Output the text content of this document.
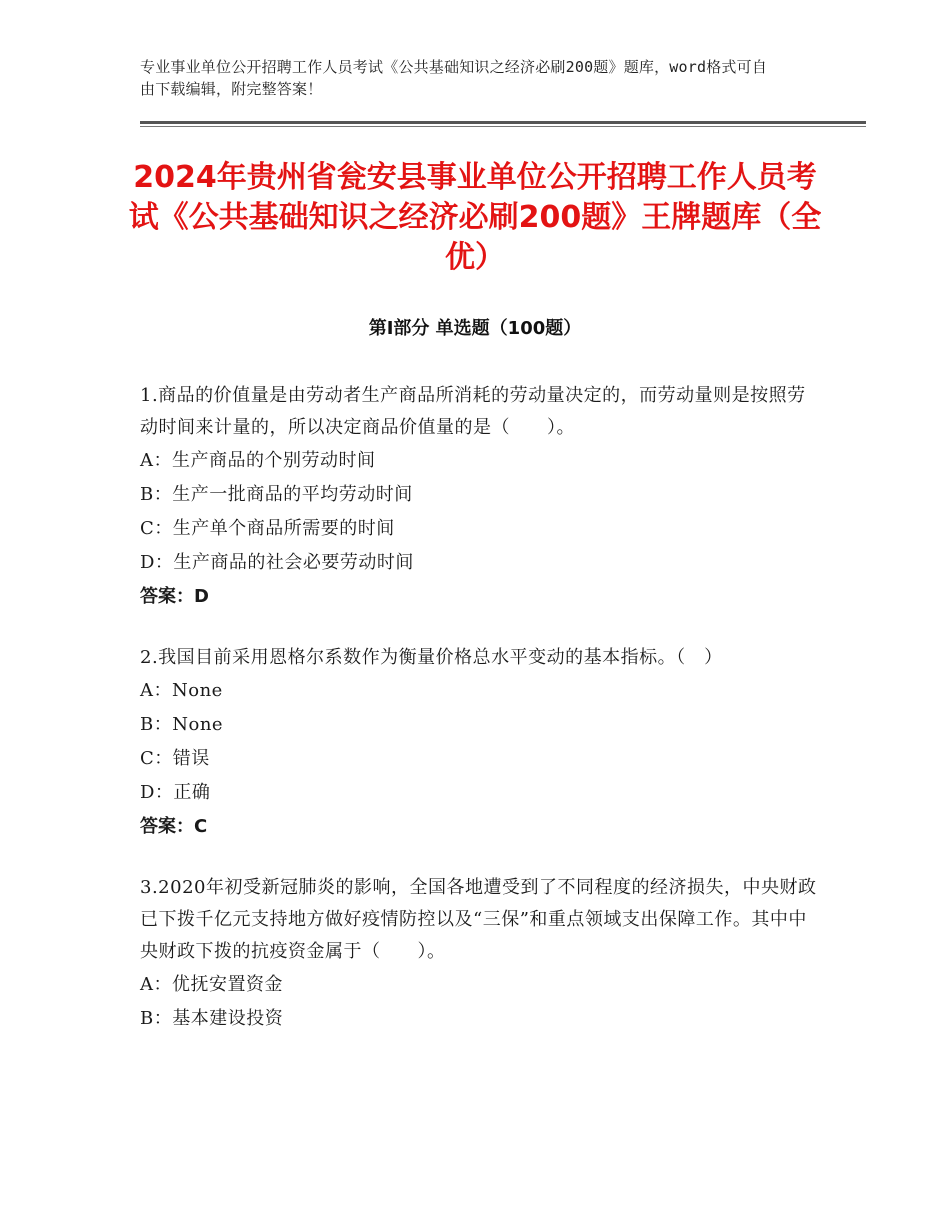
专业事业单位公开招聘工作人员考试《公共基础知识之经济必刷200题》题库，word格式可自由下载编辑，附完整答案！
2024年贵州省瓮安县事业单位公开招聘工作人员考试《公共基础知识之经济必刷200题》王牌题库（全优）
第Ⅰ部分 单选题（100题）
1.商品的价值量是由劳动者生产商品所消耗的劳动量决定的，而劳动量则是按照劳动时间来计量的，所以决定商品价值量的是（　　）。
A：生产商品的个别劳动时间
B：生产一批商品的平均劳动时间
C：生产单个商品所需要的时间
D：生产商品的社会必要劳动时间
答案：D
2.我国目前采用恩格尔系数作为衡量价格总水平变动的基本指标。（　）
A：None
B：None
C：错误
D：正确
答案：C
3.2020年初受新冠肺炎的影响，全国各地遭受到了不同程度的经济损失，中央财政已下拨千亿元支持地方做好疫情防控以及“三保”和重点领域支出保障工作。其中中央财政下拨的抗疫资金属于（　　）。
A：优抚安置资金
B：基本建设投资
